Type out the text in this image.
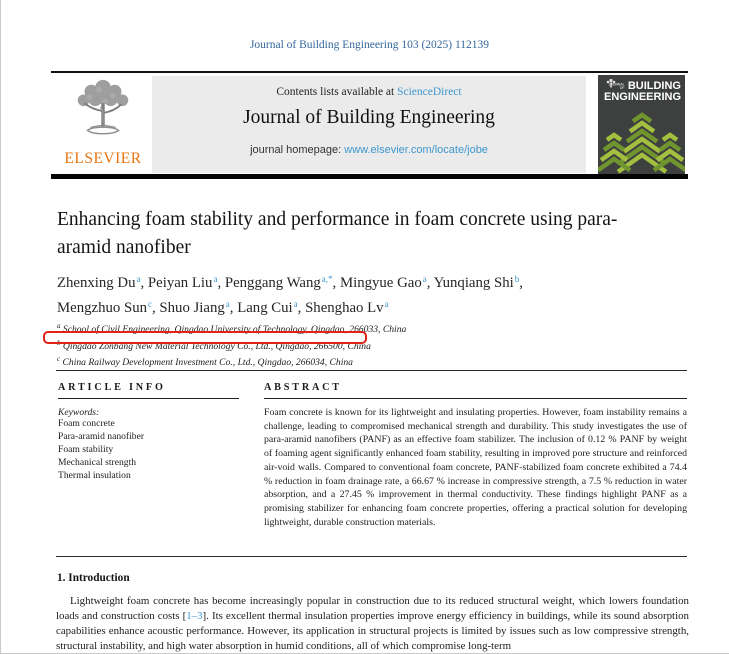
Journal of Building Engineering 103 (2025) 112139
ELSEVIER
Contents lists available at ScienceDirect
Journal of Building Engineering
journal homepage: www.elsevier.com/locate/jobe
JOURNAL
OF BUILDING
ENGINEERING
Enhancing foam stability and performance in foam concrete using para-aramid nanofiber
Zhenxing Du$^a$ , Peiyan Liu$^a$ , Penggang Wang$^{a,*}$ , Mingyue Gao$^a$ , Yunqiang Shi$^b$ , Mengzhuo Sun$^c$ , Shuo Jiang$^a$ , Lang Cui$^a$ , Shenghao Lv$^a$
$^a$ School of Civil Engineering, Qingdao University of Technology, Qingdao, 266033, China
$^b$ Qingdao Zonbang New Material Technology Co., Ltd., Qingdao, 266500, China
$^c$ China Railway Development Investment Co., Ltd., Qingdao, 266034, China
ARTICLE INFO
Keywords:
Foam concrete
Para-aramid nanofiber
Foam stability
Mechanical strength
Thermal insulation
ABSTRACT
Foam concrete is known for its lightweight and insulating properties. However, foam instability remains a challenge, leading to compromised mechanical strength and durability. This study investigates the use of para-aramid nanofibers (PANF) as an effective foam stabilizer. The inclusion of 0.12 % PANF by weight of foaming agent significantly enhanced foam stability, resulting in improved pore structure and reinforced air-void walls. Compared to conventional foam concrete, PANF-stabilized foam concrete exhibited a 74.4 % reduction in foam drainage rate, a 66.67 % increase in compressive strength, a 7.5 % reduction in water absorption, and a 27.45 % improvement in thermal conductivity. These findings highlight PANF as a promising stabilizer for enhancing foam concrete properties, offering a practical solution for developing lightweight, durable construction materials.
1. Introduction

Lightweight foam concrete has become increasingly popular in construction due to its reduced structural weight, which lowers foundation loads and construction costs [1–3]. Its excellent thermal insulation properties improve energy efficiency in buildings, while its sound absorption capabilities enhance acoustic performance. However, its application in structural projects is limited by issues such as low compressive strength, structural instability, and high water absorption in humid conditions, all of which compromise long-term
